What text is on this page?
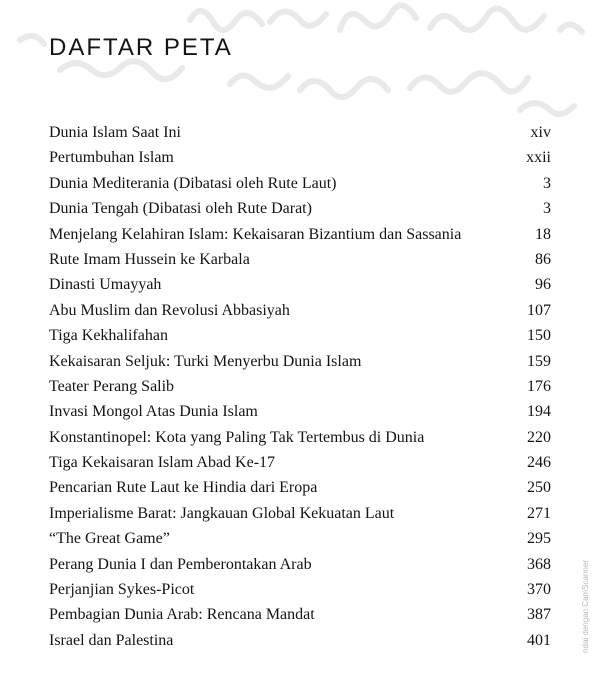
DAFTAR PETA
Dunia Islam Saat Ini	xiv
Pertumbuhan Islam	xxii
Dunia Mediterania (Dibatasi oleh Rute Laut)	3
Dunia Tengah (Dibatasi oleh Rute Darat)	3
Menjelang Kelahiran Islam: Kekaisaran Bizantium dan Sassania	18
Rute Imam Hussein ke Karbala	86
Dinasti Umayyah	96
Abu Muslim dan Revolusi Abbasiyah	107
Tiga Kekhalifahan	150
Kekaisaran Seljuk: Turki Menyerbu Dunia Islam	159
Teater Perang Salib	176
Invasi Mongol Atas Dunia Islam	194
Konstantinopel: Kota yang Paling Tak Tertembus di Dunia	220
Tiga Kekaisaran Islam Abad Ke-17	246
Pencarian Rute Laut ke Hindia dari Eropa	250
Imperialisme Barat: Jangkauan Global Kekuatan Laut	271
“The Great Game”	295
Perang Dunia I dan Pemberontakan Arab	368
Perjanjian Sykes-Picot	370
Pembagian Dunia Arab: Rencana Mandat	387
Israel dan Palestina	401	ndai dengan CamScanner
